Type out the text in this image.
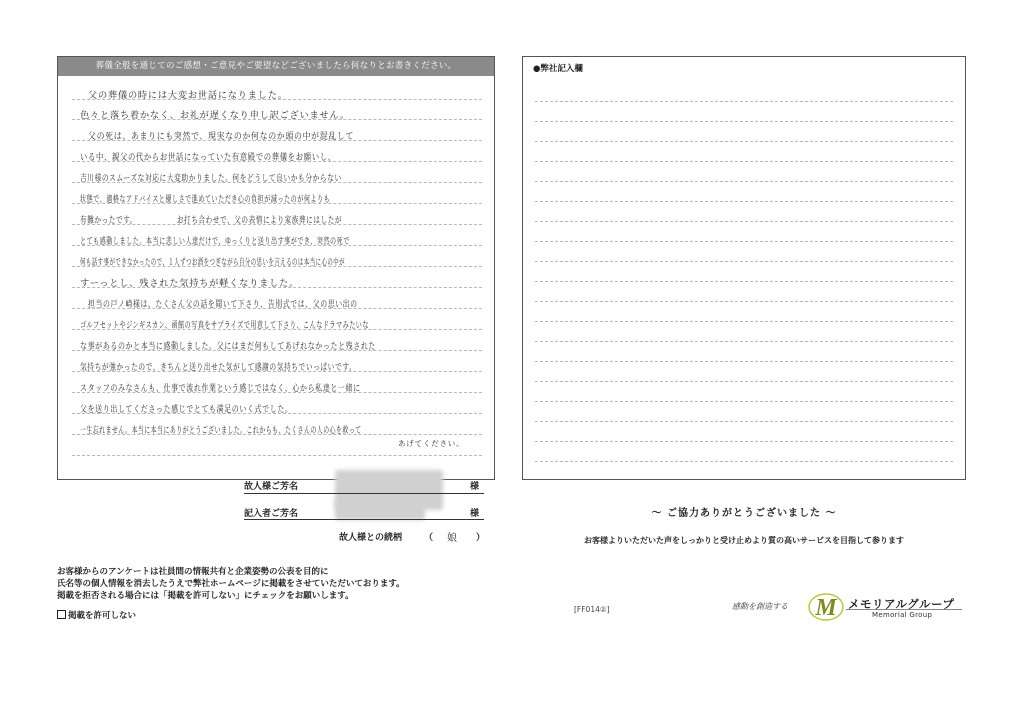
葬儀全般を通じてのご感想・ご意見やご要望などございましたら何なりとお書きください。
父の葬儀の時には大変お世話になりました。
色々と落ち着かなく、お礼が遅くなり申し訳ございません。
父の死は、あまりにも突然で、現実なのか何なのか頭の中が混乱して
いる中、親父の代からお世話になっていた有意殿での葬儀をお願いし、
吉川様のスムーズな対応に大変助かりました。何をどうして良いかも分からない
状態で、適格なアドバイスと優しさで進めていただき心の負担が減ったのが何よりも
有難かったです。　　　　　　お打ち合わせで、父の表情により家族葬にはしたが
とても感動しました。本当に悲しい人達だけで、ゆっくりと送り出す事ができ、突然の死で
何も話す事ができなかったので、１人ずつお酒をつぎながら自分の思いを言えるのは本当に心の中が
すーっとし、残された気持ちが軽くなりました。
担当の戸ノ崎様は、たくさん父の話を聞いて下さり、告別式では、父の思い出の
ゴルフセットやジンギスカン、函館の写真をサプライズで用意して下さり、こんなドラマみたいな
な事があるのかと本当に感動しました。父にはまだ何もしてあげれなかったと残された
気持ちが強かったので、きちんと送り出せた気がして感謝の気持ちでいっぱいです。
スタッフのみなさんも、仕事で流れ作業という感じではなく、心から私達と一緒に
父を送り出してくださった感じでとても満足のいく式でした。
一生忘れません。本当に本当にありがとうございました。これからも、たくさんの人の心を救って
あげてください。
故人様ご芳名	様
記入者ご芳名	様
故人様との続柄 （ 娘 ）
●弊社記入欄
～ ご協力ありがとうございました ～
お客様よりいただいた声をしっかりと受け止めより質の高いサービスを目指して参ります
お客様からのアンケートは社員間の情報共有と企業姿勢の公表を目的に
氏名等の個人情報を消去したうえで弊社ホームページに掲載をさせていただいております。
掲載を拒否される場合には「掲載を許可しない」にチェックをお願いします。
掲載を許可しない
[FF014②]	感動を創造する M メモリアルグループ
Memorial Group
